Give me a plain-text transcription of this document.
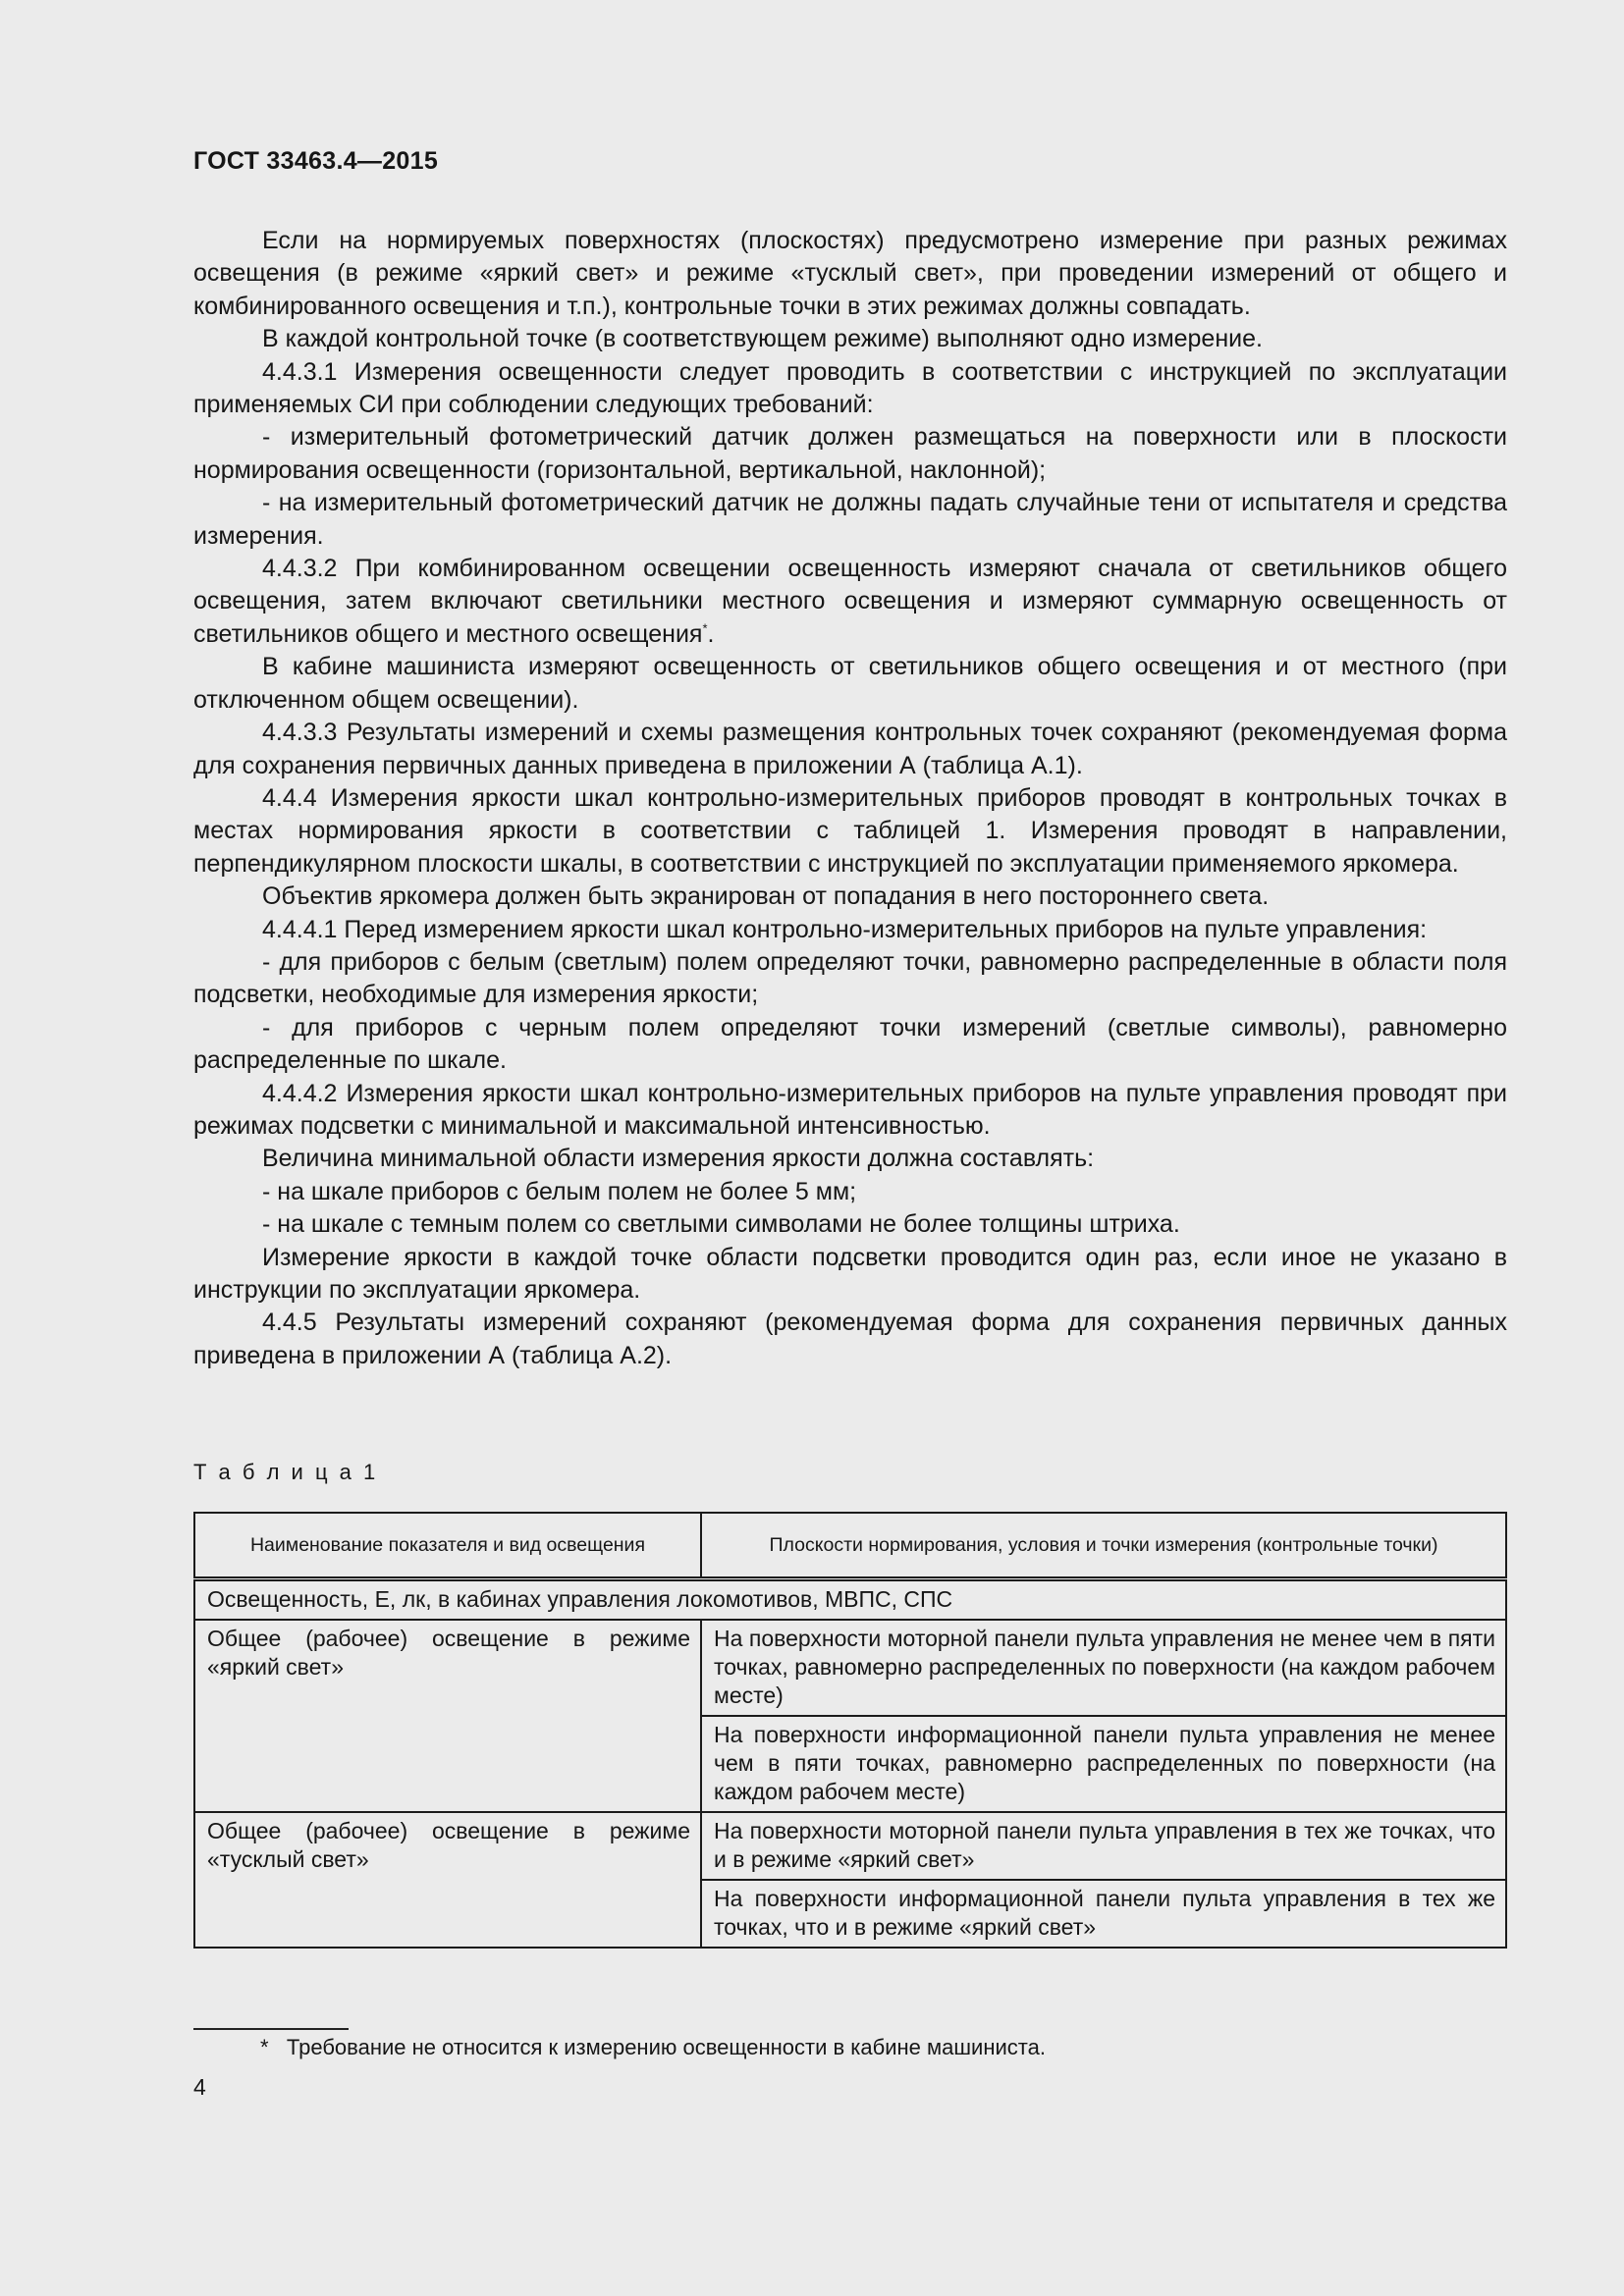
ГОСТ 33463.4—2015

Если на нормируемых поверхностях (плоскостях) предусмотрено измерение при разных режимах освещения (в режиме «яркий свет» и режиме «тусклый свет», при проведении измерений от общего и комбинированного освещения и т.п.), контрольные точки в этих режимах должны совпадать.

В каждой контрольной точке (в соответствующем режиме) выполняют одно измерение.

4.4.3.1 Измерения освещенности следует проводить в соответствии с инструкцией по эксплуатации применяемых СИ при соблюдении следующих требований:

- измерительный фотометрический датчик должен размещаться на поверхности или в плоскости нормирования освещенности (горизонтальной, вертикальной, наклонной);

- на измерительный фотометрический датчик не должны падать случайные тени от испытателя и средства измерения.

4.4.3.2 При комбинированном освещении освещенность измеряют сначала от светильников общего освещения, затем включают светильники местного освещения и измеряют суммарную освещенность от светильников общего и местного освещения*.

В кабине машиниста измеряют освещенность от светильников общего освещения и от местного (при отключенном общем освещении).

4.4.3.3 Результаты измерений и схемы размещения контрольных точек сохраняют (рекомендуемая форма для сохранения первичных данных приведена в приложении А (таблица А.1).

4.4.4 Измерения яркости шкал контрольно-измерительных приборов проводят в контрольных точках в местах нормирования яркости в соответствии с таблицей 1. Измерения проводят в направлении, перпендикулярном плоскости шкалы, в соответствии с инструкцией по эксплуатации применяемого яркомера.

Объектив яркомера должен быть экранирован от попадания в него постороннего света.

4.4.4.1 Перед измерением яркости шкал контрольно-измерительных приборов на пульте управления:

- для приборов с белым (светлым) полем определяют точки, равномерно распределенные в области поля подсветки, необходимые для измерения яркости;

- для приборов с черным полем определяют точки измерений (светлые символы), равномерно распределенные по шкале.

4.4.4.2 Измерения яркости шкал контрольно-измерительных приборов на пульте управления проводят при режимах подсветки с минимальной и максимальной интенсивностью.

Величина минимальной области измерения яркости должна составлять:

- на шкале приборов с белым полем не более 5 мм;

- на шкале с темным полем со светлыми символами не более толщины штриха.

Измерение яркости в каждой точке области подсветки проводится один раз, если иное не указано в инструкции по эксплуатации яркомера.

4.4.5 Результаты измерений сохраняют (рекомендуемая форма для сохранения первичных данных приведена в приложении А (таблица А.2).

Т а б л и ц а 1
Наименование показателя и вид освещения	Плоскости нормирования, условия и точки измерения (контрольные точки)
Освещенность, Е, лк, в кабинах управления локомотивов, МВПС, СПС	
Общее (рабочее) освещение в режиме «яркий свет»	На поверхности моторной панели пульта управления не менее чем в пяти точках, равномерно распределенных по поверхности (на каждом рабочем месте)
	На поверхности информационной панели пульта управления не менее чем в пяти точках, равномерно распределенных по поверхности (на каждом рабочем месте)
Общее (рабочее) освещение в режиме «тусклый свет»	На поверхности моторной панели пульта управления в тех же точках, что и в режиме «яркий свет»
	На поверхности информационной панели пульта управления в тех же точках, что и в режиме «яркий свет»
* Требование не относится к измерению освещенности в кабине машиниста.
4
